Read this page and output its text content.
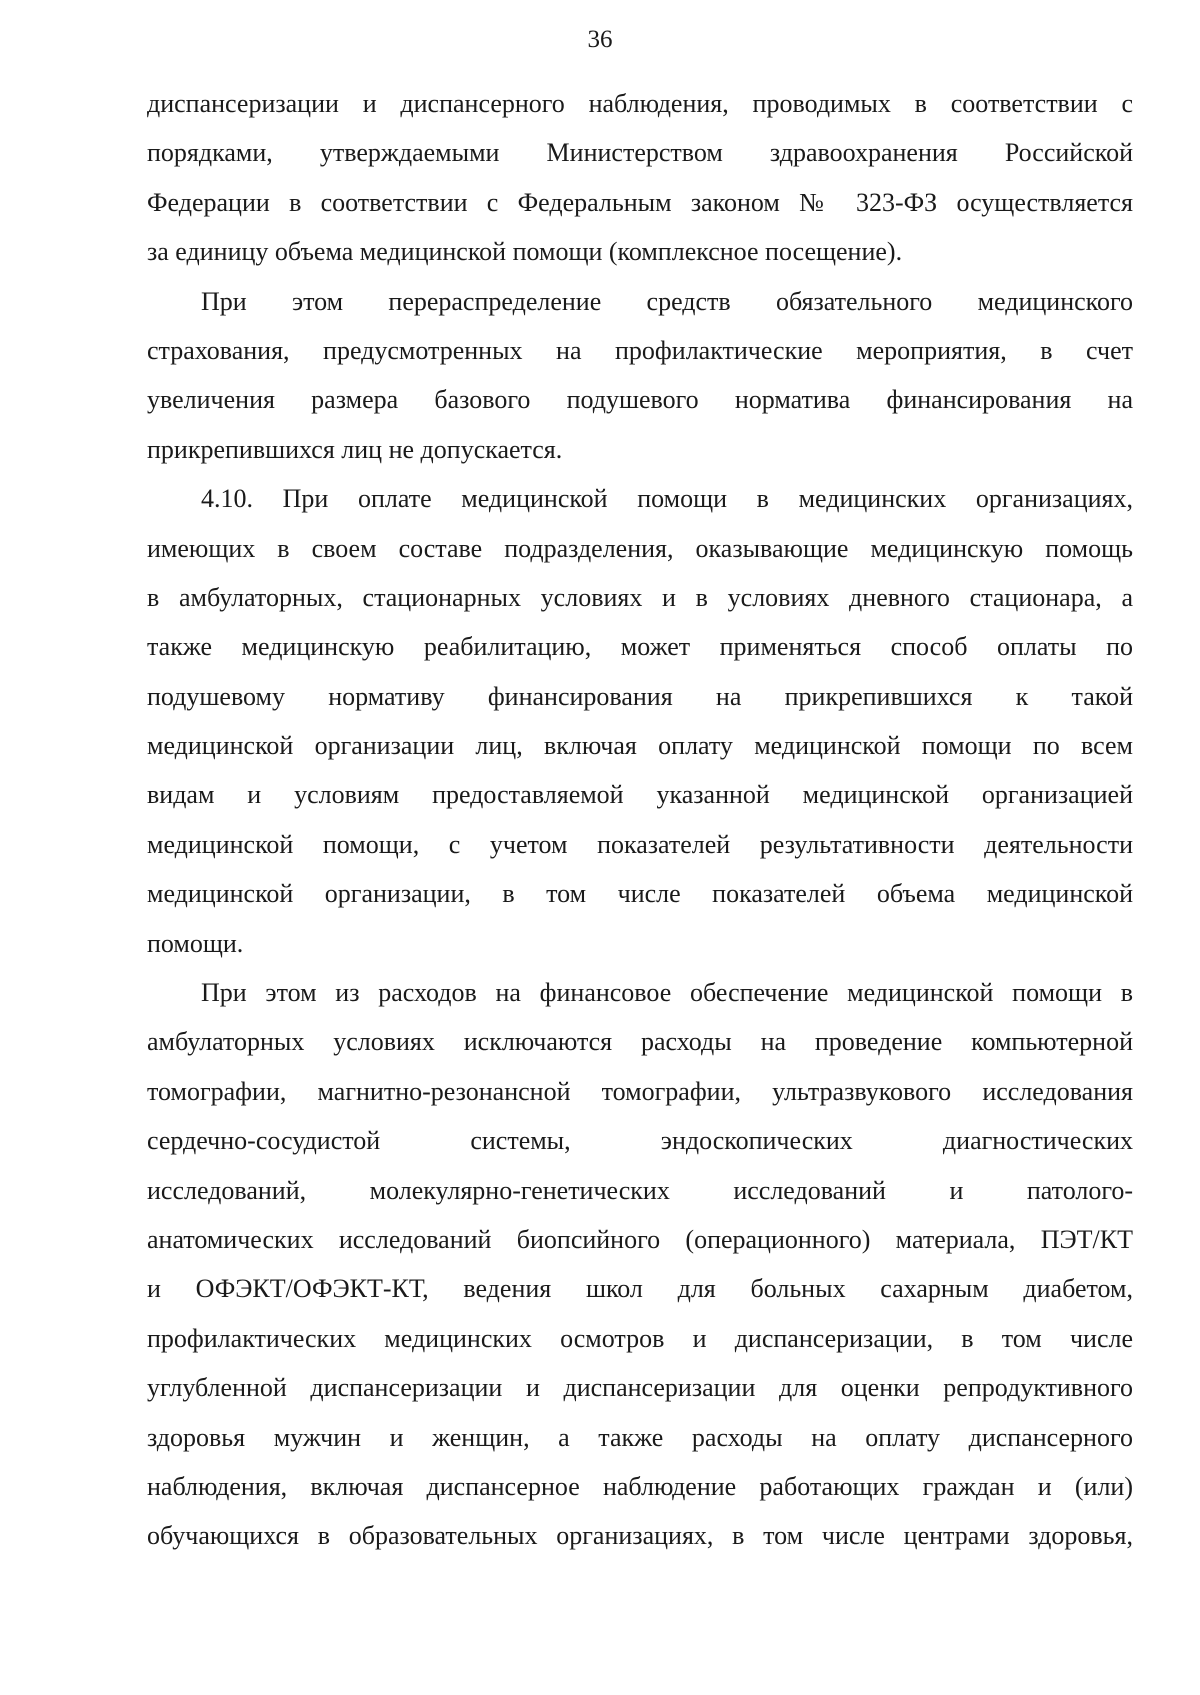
36
диспансеризации и диспансерного наблюдения, проводимых в соответствии с
порядками, утверждаемыми Министерством здравоохранения Российской
Федерации в соответствии с Федеральным законом № 323-ФЗ осуществляется
за единицу объема медицинской помощи (комплексное посещение).
При этом перераспределение средств обязательного медицинского
страхования, предусмотренных на профилактические мероприятия, в счет
увеличения размера базового подушевого норматива финансирования на
прикрепившихся лиц не допускается.
4.10. При оплате медицинской помощи в медицинских организациях,
имеющих в своем составе подразделения, оказывающие медицинскую помощь
в амбулаторных, стационарных условиях и в условиях дневного стационара, а
также медицинскую реабилитацию, может применяться способ оплаты по
подушевому нормативу финансирования на прикрепившихся к такой
медицинской организации лиц, включая оплату медицинской помощи по всем
видам и условиям предоставляемой указанной медицинской организацией
медицинской помощи, с учетом показателей результативности деятельности
медицинской организации, в том числе показателей объема медицинской
помощи.
При этом из расходов на финансовое обеспечение медицинской помощи в
амбулаторных условиях исключаются расходы на проведение компьютерной
томографии, магнитно-резонансной томографии, ультразвукового исследования
сердечно-сосудистой системы, эндоскопических диагностических
исследований, молекулярно-генетических исследований и патолого-
анатомических исследований биопсийного (операционного) материала, ПЭТ/КТ
и ОФЭКТ/ОФЭКТ-КТ, ведения школ для больных сахарным диабетом,
профилактических медицинских осмотров и диспансеризации, в том числе
углубленной диспансеризации и диспансеризации для оценки репродуктивного
здоровья мужчин и женщин, а также расходы на оплату диспансерного
наблюдения, включая диспансерное наблюдение работающих граждан и (или)
обучающихся в образовательных организациях, в том числе центрами здоровья,
